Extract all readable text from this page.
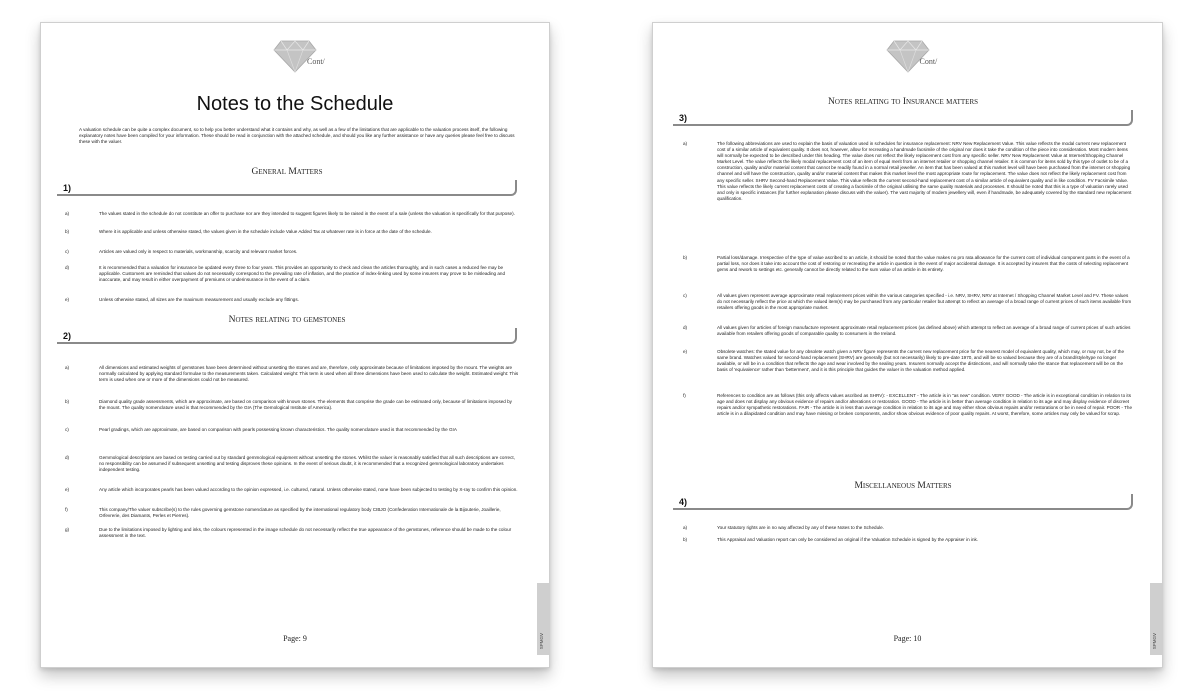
Cont/
Notes to the Schedule
A valuation schedule can be quite a complex document, so to help you better understand what it contains and why, as well as a few of the limitations that are applicable to the valuation process itself, the following explanatory notes have been compiled for your information. These should be read in conjunction with the attached schedule, and should you like any further assistance or have any queries please feel free to discuss these with the valuer.
General Matters
1)
a)	The values stated in the schedule do not constitute an offer to purchase nor are they intended to suggest figures likely to be raised in the event of a sale (unless the valuation is specifically for that purpose).
b)	Where it is applicable and unless otherwise stated, the values given in the schedule include Value Added Tax at whatever rate is in force at the date of the schedule.
c)	Articles are valued only in respect to materials, workmanship, scarcity and relevant market forces.
d)	It is recommended that a valuation for insurance be updated every three to four years. This provides an opportunity to check and clean the articles thoroughly, and in such cases a reduced fee may be applicable. Customers are reminded that values do not necessarily correspond to the prevailing rate of inflation, and the practice of index-linking used by some insurers may prove to be misleading and inaccurate, and may result in either overpayment of premiums or underinsurance in the event of a claim.
e)	Unless otherwise stated, all sizes are the maximum measurement and usually exclude any fittings.
Notes relating to gemstones
2)
a)	All dimensions and estimated weights of gemstones have been determined without unsetting the stones and are, therefore, only approximate because of limitations imposed by the mount. The weights are normally calculated by applying standard formulae to the measurements taken. Calculated weight: This term is used when all three dimensions have been used to calculate the weight. Estimated weight: This term is used when one or more of the dimensions could not be measured.
b)	Diamond quality grade assessments, which are approximate, are based on comparison with known stones. The elements that comprise the grade can be estimated only, because of limitations imposed by the mount. The quality nomenclature used is that recommended by the GIA (The Gemological Institute of America).
c)	Pearl gradings, which are approximate, are based on comparison with pearls possessing known characteristics. The quality nomenclature used is that recommended by the GIA
d)	Gemmological descriptions are based on testing carried out by standard gemmological equipment without unsetting the stones. Whilst the valuer is reasonably satisfied that all such descriptions are correct, no responsibility can be assumed if subsequent unsetting and testing disproves these opinions. In the event of serious doubt, it is recommended that a recognized gemmological laboratory undertakes independent testing.
e)	Any article which incorporates pearls has been valued according to the opinion expressed, i.e. cultured, natural. Unless otherwise stated, none have been subjected to testing by X-ray to confirm this opinion.
f)	This company/The valuer subscribe(s) to the rules governing gemstone nomenclature as specified by the international regulatory body CIBJO (Confederation Internationale de la Bijouterie, Joaillerie, Orfevrerie, des Diamants, Perles et Pierres).
g)	Due to the limitations imposed by lighting and inks, the colours represented in the image schedule do not necessarily reflect the true appearance of the gemstones, reference should be made to the colour assessment in the text.
Page: 9	SPMGV
Cont/
Notes relating to Insurance matters
3)
a)	The following abbreviations are used to explain the basis of valuation used in schedules for insurance replacement: NRV New Replacement Value. This value reflects the modal current new replacement cost of a similar article of equivalent quality. It does not, however, allow for recreating a handmade facsimile of the original nor does it take the condition of the piece into consideration. Most modern items will normally be expected to be described under this heading. The value does not reflect the likely replacement cost from any specific seller. NRV New Replacement Value at Internet/Shopping Channel Market Level. The value reflects the likely modal replacement cost of an item of equal merit from an internet retailer or shopping channel retailer. It is common for items sold by this type of outlet to be of a construction, quality and/or material content that cannot be readily found in a normal retail jeweller. An item that has been valued at this market level will have been purchased from the internet or shopping channel and will have the construction, quality and/or material content that makes this market level the most appropriate route for replacement. The value does not reflect the likely replacement cost from any specific seller. SHRV Second-hand Replacement Value. This value reflects the current second-hand replacement cost of a similar article of equivalent quality and in like condition. FV Facsimile Value. This value reflects the likely current replacement costs of creating a facsimile of the original utilising the same quality materials and processes. It should be noted that this is a type of valuation rarely used and only in specific instances (for further explanation please discuss with the valuer). The vast majority of modern jewellery will, even if handmade, be adequately covered by the standard new replacement qualification.
b)	Partial loss/damage. Irrespective of the type of value ascribed to an article, it should be noted that the value makes no pro rata allowance for the current cost of individual component parts in the event of a partial loss, nor does it take into account the cost of restoring or recreating the article in question in the event of major accidental damage. It is accepted by insurers that the costs of selecting replacement gems and rework to settings etc. generally cannot be directly related to the sum value of an article in its entirety.
c)	All values given represent average approximate retail replacement prices within the various categories specified - i.e. NRV, SHRV, NRV at Internet / Shopping Channel Market Level and FV. These values do not necessarily reflect the price at which the valued item(s) may be purchased from any particular retailer but attempt to reflect an average of a broad range of current prices of such items available from retailers offering goods in the most appropriate market.
d)	All values given for articles of foreign manufacture represent approximate retail replacement prices (as defined above) which attempt to reflect an average of a broad range of current prices of such articles available from retailers offering goods of comparable quality to consumers in the Ireland.
e)	Obsolete watches: the stated value for any obsolete watch given a NRV figure represents the current new replacement price for the nearest model of equivalent quality, which may, or may not, be of the same brand. Watches valued for second-hand replacement (SHRV) are generally (but not necessarily) likely to pre-date 1970, and will be so valued because they are of a brand/style/type no longer available, or will be in a condition that reflects the age and wear involved by the sealing years. Insurers normally accept the distinctions, and will normally take the stance that replacement will be on the basis of 'equivalence' rather than 'betterment', and it is this principle that guides the valuer in the valuation method applied.
f)	References to condition are as follows (this only affects values ascribed as SHRV): - EXCELLENT - The article is in "as new" condition. VERY GOOD - The article is in exceptional condition in relation to its age and does not display any obvious evidence of repairs and/or alterations or restoration. GOOD - The article is in better than average condition in relation to its age and may display evidence of discreet repairs and/or sympathetic restorations. FAIR - The article is in less than average condition in relation to its age and may either show obvious repairs and/or restorations or be in need of repair. POOR - The article is in a dilapidated condition and may have missing or broken components, and/or show obvious evidence of poor quality repairs. At worst, therefore, some articles may only be valued for scrap.
Miscellaneous Matters
4)
a)	Your statutory rights are in no way affected by any of these Notes to the Schedule.
b)	This Appraisal and Valuation report can only be considered an original if the Valuation Schedule is signed by the Appraiser in ink.
Page: 10	SPMGV
